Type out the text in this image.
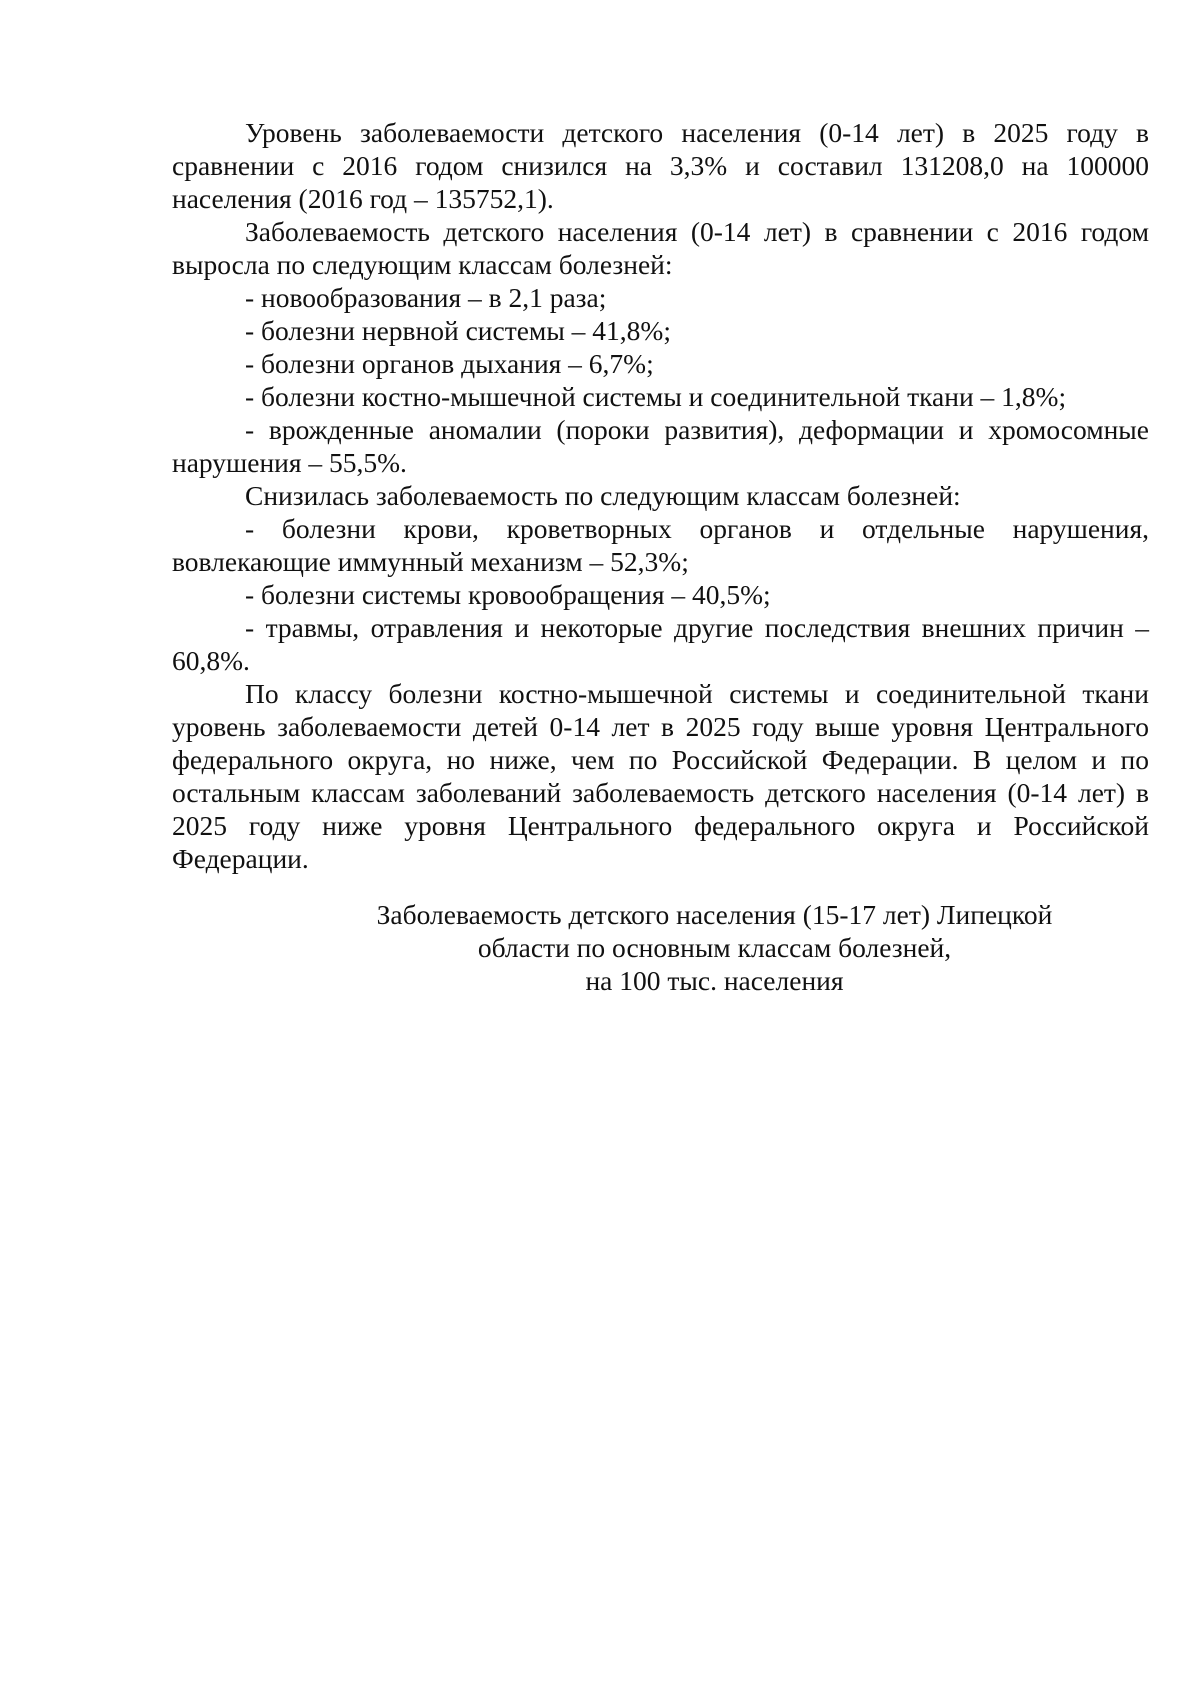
Уровень заболеваемости детского населения (0-14 лет) в 2025 году в сравнении с 2016 годом снизился на 3,3% и составил 131208,0 на 100000 населения (2016 год – 135752,1).

Заболеваемость детского населения (0-14 лет) в сравнении с 2016 годом выросла по следующим классам болезней:

- новообразования – в 2,1 раза;

- болезни нервной системы – 41,8%;

- болезни органов дыхания – 6,7%;

- болезни костно-мышечной системы и соединительной ткани – 1,8%;

- врожденные аномалии (пороки развития), деформации и хромосомные нарушения – 55,5%.

Снизилась заболеваемость по следующим классам болезней:

- болезни крови, кроветворных органов и отдельные нарушения, вовлекающие иммунный механизм – 52,3%;

- болезни системы кровообращения – 40,5%;

- травмы, отравления и некоторые другие последствия внешних причин – 60,8%.

По классу болезни костно-мышечной системы и соединительной ткани уровень заболеваемости детей 0-14 лет в 2025 году выше уровня Центрального федерального округа, но ниже, чем по Российской Федерации. В целом и по остальным классам заболеваний заболеваемость детского населения (0-14 лет) в 2025 году ниже уровня Центрального федерального округа и Российской Федерации.

Заболеваемость детского населения (15-17 лет) Липецкой
области по основным классам болезней,
на 100 тыс. населения
